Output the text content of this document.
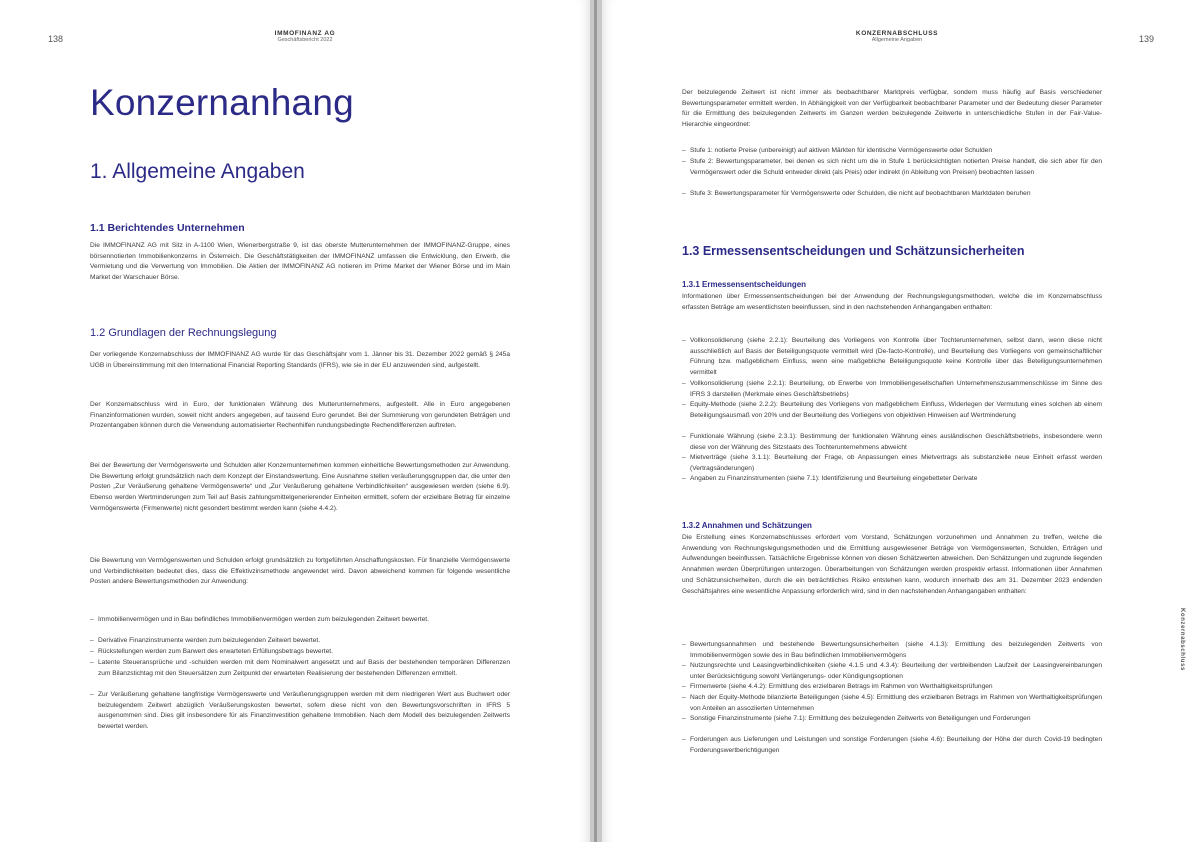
138
IMMOFINANZ AG
Geschäftsbericht 2022
Konzernanhang
1. Allgemeine Angaben
1.1 Berichtendes Unternehmen
Die IMMOFINANZ AG mit Sitz in A-1100 Wien, Wienerbergstraße 9, ist das oberste Mutterunternehmen der IMMOFINANZ-Gruppe, eines börsennotierten Immobilienkonzerns in Österreich. Die Geschäftstätigkeiten der IMMOFINANZ umfassen die Entwicklung, den Erwerb, die Vermietung und die Verwertung von Immobilien. Die Aktien der IMMOFINANZ AG notieren im Prime Market der Wiener Börse und im Main Market der Warschauer Börse.
1.2 Grundlagen der Rechnungslegung
Der vorliegende Konzernabschluss der IMMOFINANZ AG wurde für das Geschäftsjahr vom 1. Jänner bis 31. Dezember 2022 gemäß § 245a UGB in Übereinstimmung mit den International Financial Reporting Standards (IFRS), wie sie in der EU anzuwenden sind, aufgestellt.
Der Konzernabschluss wird in Euro, der funktionalen Währung des Mutterunternehmens, aufgestellt. Alle in Euro angegebenen Finanzinformationen wurden, soweit nicht anders angegeben, auf tausend Euro gerundet. Bei der Summierung von gerundeten Beträgen und Prozentangaben können durch die Verwendung automatisierter Rechenhilfen rundungsbedingte Rechendifferenzen auftreten.
Bei der Bewertung der Vermögenswerte und Schulden aller Konzernunternehmen kommen einheitliche Bewertungsmethoden zur Anwendung. Die Bewertung erfolgt grundsätzlich nach dem Konzept der Einstandswertung. Eine Ausnahme stellen veräußerungsgruppen dar, die unter den Posten „Zur Veräußerung gehaltene Vermögenswerte“ und „Zur Veräußerung gehaltene Verbindlichkeiten“ ausgewiesen werden (siehe 6.9). Ebenso werden Wertminderungen zum Teil auf Basis zahlungsmittelgenerierender Einheiten ermittelt, sofern der erzielbare Betrag für einzelne Vermögenswerte (Firmenwerte) nicht gesondert bestimmt werden kann (siehe 4.4.2).
Die Bewertung von Vermögenswerten und Schulden erfolgt grundsätzlich zu fortgeführten Anschaffungskosten. Für finanzielle Vermögenswerte und Verbindlichkeiten bedeutet dies, dass die Effektivzinsmethode angewendet wird. Davon abweichend kommen für folgende wesentliche Posten andere Bewertungsmethoden zur Anwendung:
– Immobilienvermögen und in Bau befindliches Immobilienvermögen werden zum beizulegenden Zeitwert bewertet.
– Derivative Finanzinstrumente werden zum beizulegenden Zeitwert bewertet.
– Rückstellungen werden zum Barwert des erwarteten Erfüllungsbetrags bewertet.
– Latente Steueransprüche und -schulden werden mit dem Nominalwert angesetzt und auf Basis der bestehenden temporären Differenzen zum Bilanzstichtag mit den Steuersätzen zum Zeitpunkt der erwarteten Realisierung der bestehenden Differenzen ermittelt.
– Zur Veräußerung gehaltene langfristige Vermögenswerte und Veräußerungsgruppen werden mit dem niedrigeren Wert aus Buchwert oder beizulegendem Zeitwert abzüglich Veräußerungskosten bewertet, sofern diese nicht von den Bewertungsvorschriften in IFRS 5 ausgenommen sind. Dies gilt insbesondere für als Finanzinvestition gehaltene Immobilien. Nach dem Modell des beizulegenden Zeitwerts bewertet werden.
KONZERNABSCHLUSS
Allgemeine Angaben	139
Der beizulegende Zeitwert ist nicht immer als beobachtbarer Marktpreis verfügbar, sondern muss häufig auf Basis verschiedener Bewertungsparameter ermittelt werden. In Abhängigkeit von der Verfügbarkeit beobachtbarer Parameter und der Bedeutung dieser Parameter für die Ermittlung des beizulegenden Zeitwerts im Ganzen werden beizulegende Zeitwerte in unterschiedliche Stufen in der Fair-Value-Hierarchie eingeordnet:
– Stufe 1: notierte Preise (unbereinigt) auf aktiven Märkten für identische Vermögenswerte oder Schulden
– Stufe 2: Bewertungsparameter, bei denen es sich nicht um die in Stufe 1 berücksichtigten notierten Preise handelt, die sich aber für den Vermögenswert oder die Schuld entweder direkt (als Preis) oder indirekt (in Ableitung von Preisen) beobachten lassen
– Stufe 3: Bewertungsparameter für Vermögenswerte oder Schulden, die nicht auf beobachtbaren Marktdaten beruhen
1.3 Ermessensentscheidungen und Schätzunsicherheiten
1.3.1 Ermessensentscheidungen
Informationen über Ermessensentscheidungen bei der Anwendung der Rechnungslegungsmethoden, welche die im Konzernabschluss erfassten Beträge am wesentlichsten beeinflussen, sind in den nachstehenden Anhangangaben enthalten:
– Vollkonsolidierung (siehe 2.2.1): Beurteilung des Vorliegens von Kontrolle über Tochterunternehmen, selbst dann, wenn diese nicht ausschließlich auf Basis der Beteiligungsquote vermittelt wird (De-facto-Kontrolle), und Beurteilung des Vorliegens von gemeinschaftlicher Führung bzw. maßgeblichem Einfluss, wenn eine maßgebliche Beteiligungsquote keine Kontrolle über das Beteiligungsunternehmen vermittelt
– Vollkonsolidierung (siehe 2.2.1): Beurteilung, ob Erwerbe von Immobiliengesellschaften Unternehmenszusammenschlüsse im Sinne des IFRS 3 darstellen (Merkmale eines Geschäftsbetriebs)
– Equity-Methode (siehe 2.2.2): Beurteilung des Vorliegens von maßgeblichem Einfluss, Widerlegen der Vermutung eines solchen ab einem Beteiligungsausmaß von 20% und der Beurteilung des Vorliegens von objektiven Hinweisen auf Wertminderung
– Funktionale Währung (siehe 2.3.1): Bestimmung der funktionalen Währung eines ausländischen Geschäftsbetriebs, insbesondere wenn diese von der Währung des Sitzstaats des Tochterunternehmens abweicht
– Mietverträge (siehe 3.1.1): Beurteilung der Frage, ob Anpassungen eines Mietvertrags als substanzielle neue Einheit erfasst werden (Vertragsänderungen)
– Angaben zu Finanzinstrumenten (siehe 7.1): Identifizierung und Beurteilung eingebetteter Derivate
1.3.2 Annahmen und Schätzungen
Die Erstellung eines Konzernabschlusses erfordert vom Vorstand, Schätzungen vorzunehmen und Annahmen zu treffen, welche die Anwendung von Rechnungslegungsmethoden und die Ermittlung ausgewiesener Beträge von Vermögenswerten, Schulden, Erträgen und Aufwendungen beeinflussen. Tatsächliche Ergebnisse können von diesen Schätzwerten abweichen. Den Schätzungen und zugrunde liegenden Annahmen werden Überprüfungen unterzogen. Überarbeitungen von Schätzungen werden prospektiv erfasst. Informationen über Annahmen und Schätzunsicherheiten, durch die ein beträchtliches Risiko entstehen kann, wodurch innerhalb des am 31. Dezember 2023 endenden Geschäftsjahres eine wesentliche Anpassung erforderlich wird, sind in den nachstehenden Anhangangaben enthalten:
– Bewertungsannahmen und bestehende Bewertungsunsicherheiten (siehe 4.1.3): Ermittlung des beizulegenden Zeitwerts von Immobilienvermögen sowie des in Bau befindlichen Immobilienvermögens
– Nutzungsrechte und Leasingverbindlichkeiten (siehe 4.1.5 und 4.3.4): Beurteilung der verbleibenden Laufzeit der Leasingvereinbarungen unter Berücksichtigung sowohl Verlängerungs- oder Kündigungsoptionen
– Firmenwerte (siehe 4.4.2): Ermittlung des erzielbaren Betrags im Rahmen von Werthaltigkeitsprüfungen
– Nach der Equity-Methode bilanzierte Beteiligungen (siehe 4.5): Ermittlung des erzielbaren Betrags im Rahmen von Werthaltigkeitsprüfungen von Anteilen an assoziierten Unternehmen
– Sonstige Finanzinstrumente (siehe 7.1): Ermittlung des beizulegenden Zeitwerts von Beteiligungen und Forderungen
– Forderungen aus Lieferungen und Leistungen und sonstige Forderungen (siehe 4.6): Beurteilung der Höhe der durch Covid-19 bedingten Forderungswertberichtigungen
Konzernabschluss
